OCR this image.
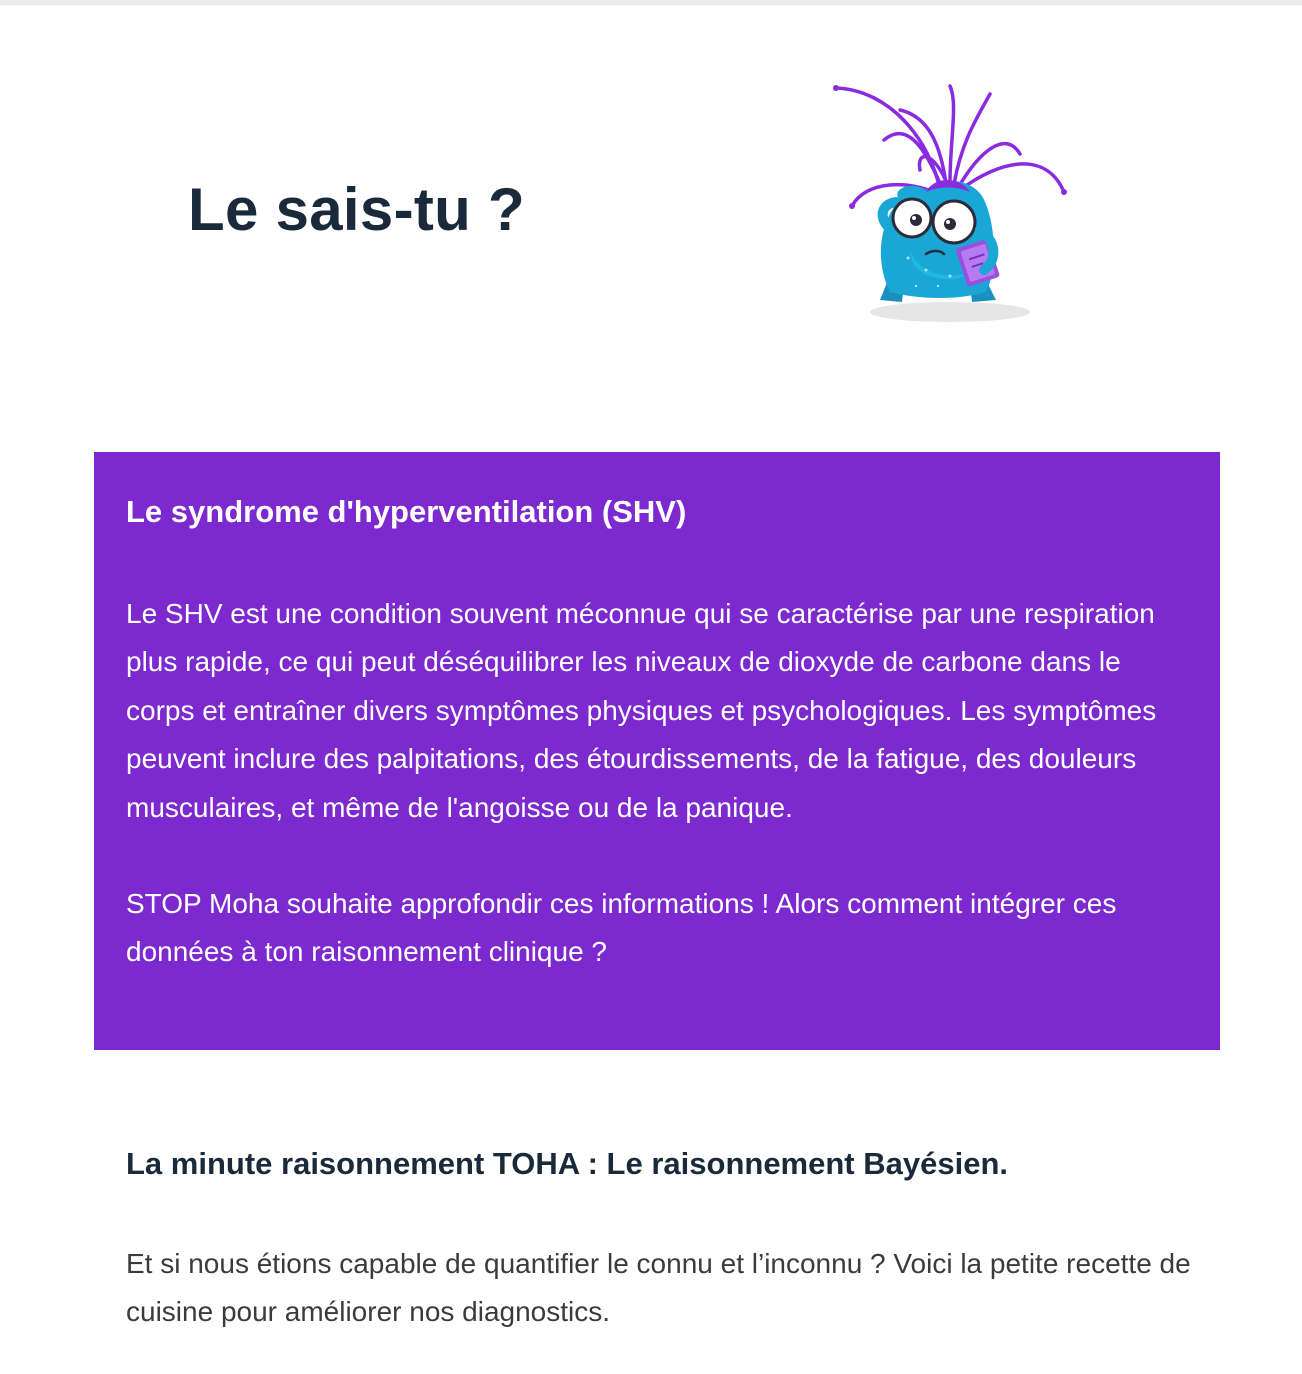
Le sais-tu ?
Le syndrome d'hyperventilation (SHV)

Le SHV est une condition souvent méconnue qui se caractérise par une respiration plus rapide, ce qui peut déséquilibrer les niveaux de dioxyde de carbone dans le corps et entraîner divers symptômes physiques et psychologiques. Les symptômes peuvent inclure des palpitations, des étourdissements, de la fatigue, des douleurs musculaires, et même de l'angoisse ou de la panique.

STOP Moha souhaite approfondir ces informations ! Alors comment intégrer ces données à ton raisonnement clinique ?

La minute raisonnement TOHA : Le raisonnement Bayésien.

Et si nous étions capable de quantifier le connu et l’inconnu ? Voici la petite recette de cuisine pour améliorer nos diagnostics.
